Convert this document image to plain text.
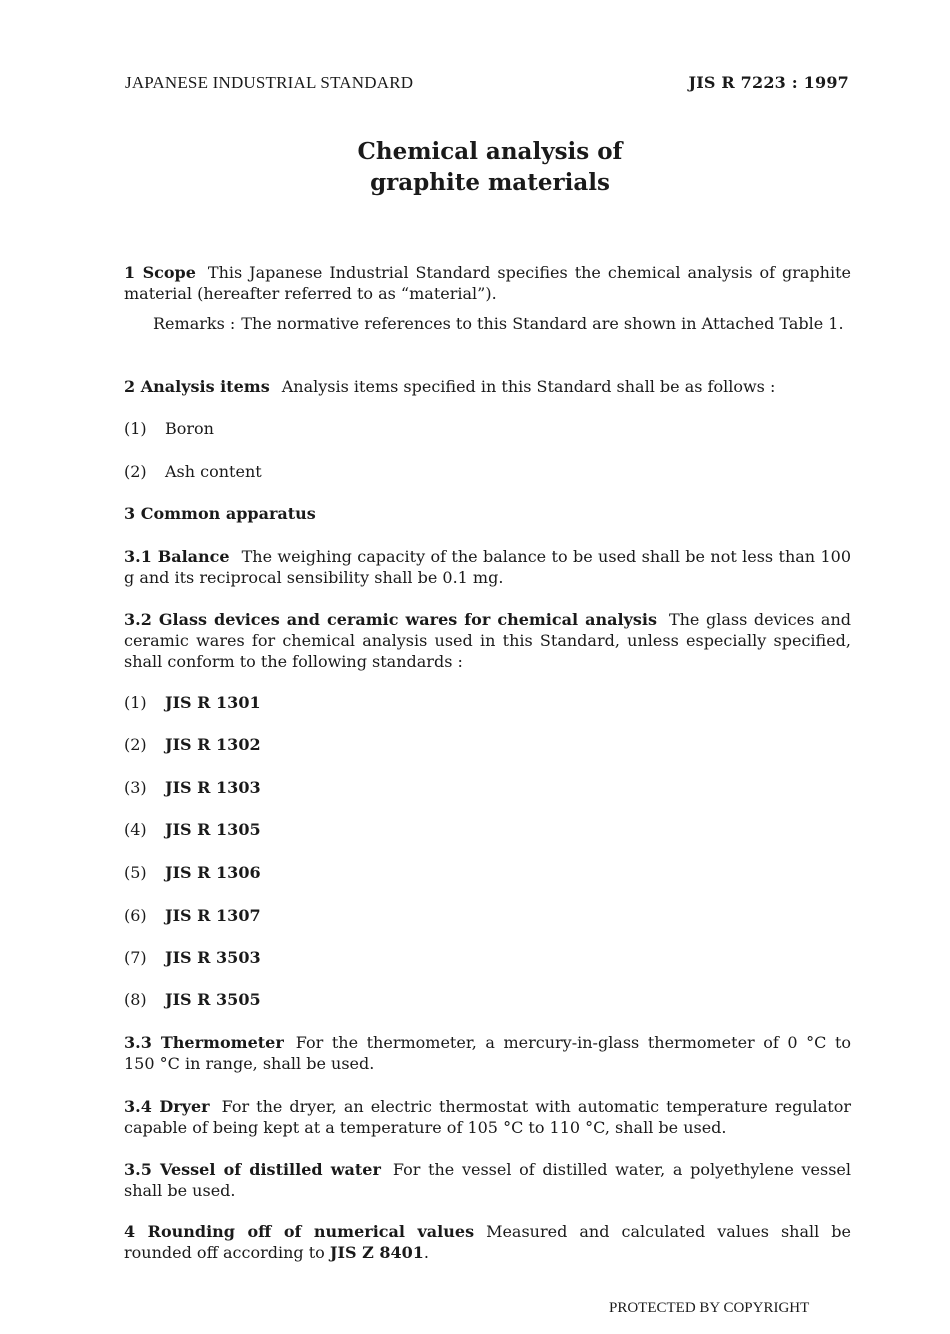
JAPANESE INDUSTRIAL STANDARD	JIS R 7223 : 1997
Chemical analysis of
graphite materials
1 Scope This Japanese Industrial Standard specifies the chemical analysis of graphite material (hereafter referred to as “material”).
Remarks : The normative references to this Standard are shown in Attached Table 1.
2 Analysis items Analysis items specified in this Standard shall be as follows :
(1) Boron
(2) Ash content
3 Common apparatus
3.1 Balance The weighing capacity of the balance to be used shall be not less than 100 g and its reciprocal sensibility shall be 0.1 mg.
3.2 Glass devices and ceramic wares for chemical analysis The glass devices and ceramic wares for chemical analysis used in this Standard, unless especially specified, shall conform to the following standards :
(1) JIS R 1301
(2) JIS R 1302
(3) JIS R 1303
(4) JIS R 1305
(5) JIS R 1306
(6) JIS R 1307
(7) JIS R 3503
(8) JIS R 3505
3.3 Thermometer For the thermometer, a mercury-in-glass thermometer of 0 °C to 150 °C in range, shall be used.
3.4 Dryer For the dryer, an electric thermostat with automatic temperature regulator capable of being kept at a temperature of 105 °C to 110 °C, shall be used.
3.5 Vessel of distilled water For the vessel of distilled water, a polyethylene vessel shall be used.
4 Rounding off of numerical values Measured and calculated values shall be rounded off according to JIS Z 8401.
PROTECTED BY COPYRIGHT
